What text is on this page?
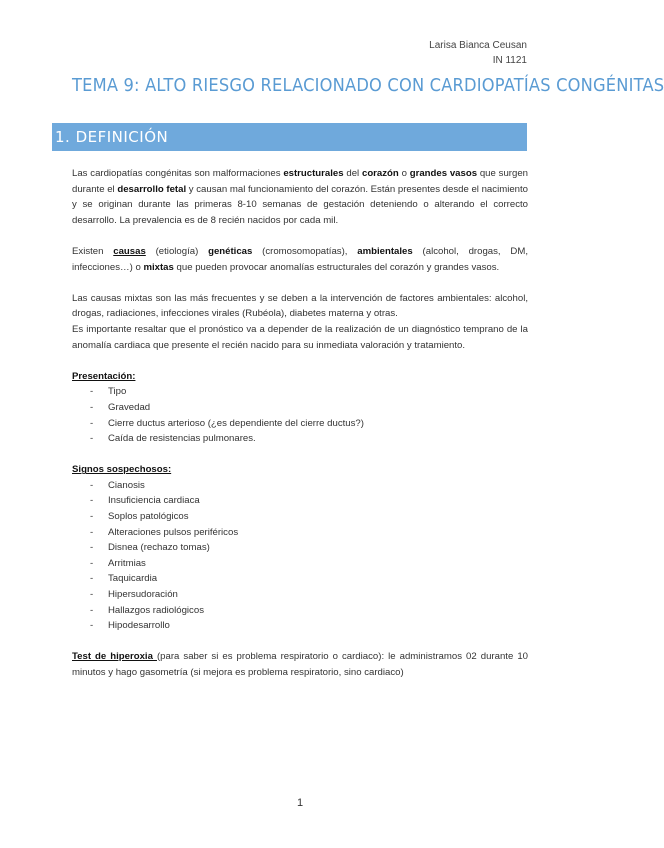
Larisa Bianca Ceusan
IN 1121
TEMA 9: ALTO RIESGO RELACIONADO CON CARDIOPATÍAS CONGÉNITAS
1. DEFINICIÓN

Las cardiopatías congénitas son malformaciones estructurales del corazón o grandes vasos que surgen durante el desarrollo fetal y causan mal funcionamiento del corazón. Están presentes desde el nacimiento y se originan durante las primeras 8-10 semanas de gestación deteniendo o alterando el correcto desarrollo. La prevalencia es de 8 recién nacidos por cada mil.

Existen causas (etiología) genéticas (cromosomopatías), ambientales (alcohol, drogas, DM, infecciones…) o mixtas que pueden provocar anomalías estructurales del corazón y grandes vasos.

Las causas mixtas son las más frecuentes y se deben a la intervención de factores ambientales: alcohol, drogas, radiaciones, infecciones virales (Rubéola), diabetes materna y otras.

Es importante resaltar que el pronóstico va a depender de la realización de un diagnóstico temprano de la anomalía cardiaca que presente el recién nacido para su inmediata valoración y tratamiento.

Presentación:
- Tipo
- Gravedad
- Cierre ductus arterioso (¿es dependiente del cierre ductus?)
- Caída de resistencias pulmonares.
Signos sospechosos:
- Cianosis
- Insuficiencia cardiaca
- Soplos patológicos
- Alteraciones pulsos periféricos
- Disnea (rechazo tomas)
- Arritmias
- Taquicardia
- Hipersudoración
- Hallazgos radiológicos
- Hipodesarrollo

Test de hiperoxia (para saber si es problema respiratorio o cardiaco): le administramos 02 durante 10 minutos y hago gasometría (si mejora es problema respiratorio, sino cardiaco)

1
